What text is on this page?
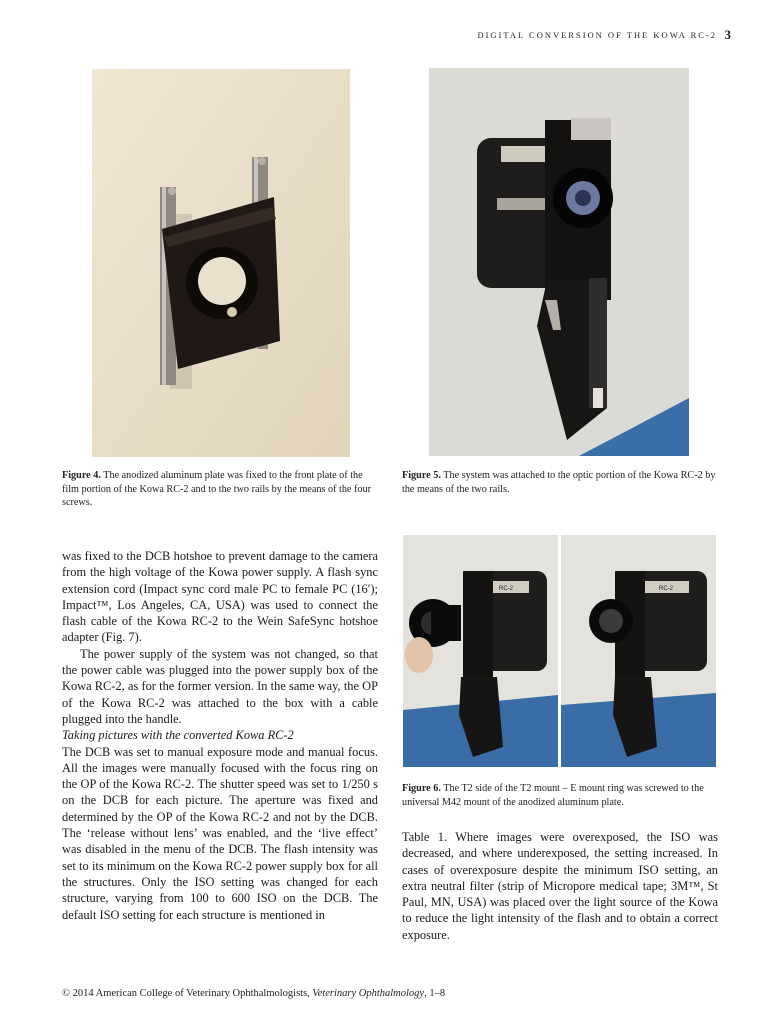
DIGITAL CONVERSION OF THE KOWA RC-2 3
Figure 4. The anodized aluminum plate was fixed to the front plate of the film portion of the Kowa RC-2 and to the two rails by the means of the four screws.
Figure 5. The system was attached to the optic portion of the Kowa RC-2 by the means of the two rails.
RC-2	RC-2
Figure 6. The T2 side of the T2 mount – E mount ring was screwed to the universal M42 mount of the anodized aluminum plate.

was fixed to the DCB hotshoe to prevent damage to the camera from the high voltage of the Kowa power supply. A flash sync extension cord (Impact sync cord male PC to female PC (16′); Impact™, Los Angeles, CA, USA) was used to connect the flash cable of the Kowa RC-2 to the Wein SafeSync hotshoe adapter (Fig. 7).

The power supply of the system was not changed, so that the power cable was plugged into the power supply box of the Kowa RC-2, as for the former version. In the same way, the OP of the Kowa RC-2 was attached to the box with a cable plugged into the handle.

Taking pictures with the converted Kowa RC-2

The DCB was set to manual exposure mode and manual focus. All the images were manually focused with the focus ring on the OP of the Kowa RC-2. The shutter speed was set to 1/250 s on the DCB for each picture. The aperture was fixed and determined by the OP of the Kowa RC-2 and not by the DCB. The ‘release without lens’ was enabled, and the ‘live effect’ was disabled in the menu of the DCB. The flash intensity was set to its minimum on the Kowa RC-2 power supply box for all the structures. Only the ISO setting was changed for each structure, varying from 100 to 600 ISO on the DCB. The default ISO setting for each structure is mentioned in

Table 1. Where images were overexposed, the ISO was decreased, and where underexposed, the setting increased. In cases of overexposure despite the minimum ISO setting, an extra neutral filter (strip of Micropore medical tape; 3M™, St Paul, MN, USA) was placed over the light source of the Kowa to reduce the light intensity of the flash and to obtain a correct exposure.

© 2014 American College of Veterinary Ophthalmologists, Veterinary Ophthalmology, 1–8
